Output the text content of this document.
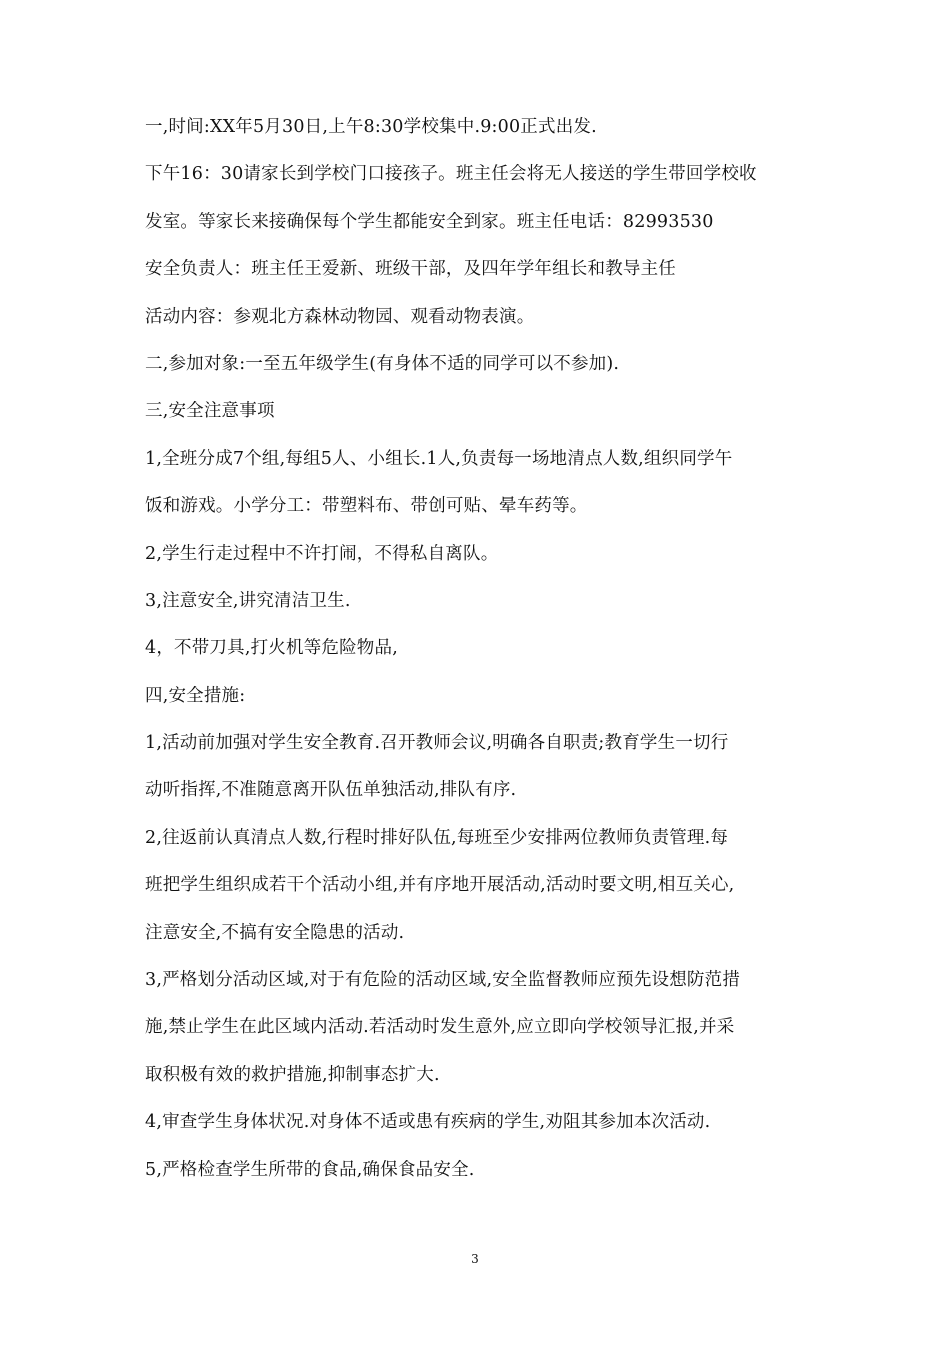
一,时间:XX年5月30日,上午8:30学校集中.9:00正式出发.
下午16：30请家长到学校门口接孩子。班主任会将无人接送的学生带回学校收
发室。等家长来接确保每个学生都能安全到家。班主任电话：82993530
安全负责人：班主任王爱新、班级干部，及四年学年组长和教导主任
活动内容：参观北方森林动物园、观看动物表演。
二,参加对象:一至五年级学生(有身体不适的同学可以不参加).
三,安全注意事项
1,全班分成7个组,每组5人、小组长.1人,负责每一场地清点人数,组织同学午
饭和游戏。小学分工：带塑料布、带创可贴、晕车药等。
2,学生行走过程中不许打闹，不得私自离队。
3,注意安全,讲究清洁卫生.
4，不带刀具,打火机等危险物品,
四,安全措施:
1,活动前加强对学生安全教育.召开教师会议,明确各自职责;教育学生一切行
动听指挥,不准随意离开队伍单独活动,排队有序.
2,往返前认真清点人数,行程时排好队伍,每班至少安排两位教师负责管理.每
班把学生组织成若干个活动小组,并有序地开展活动,活动时要文明,相互关心,
注意安全,不搞有安全隐患的活动.
3,严格划分活动区域,对于有危险的活动区域,安全监督教师应预先设想防范措
施,禁止学生在此区域内活动.若活动时发生意外,应立即向学校领导汇报,并采
取积极有效的救护措施,抑制事态扩大.
4,审查学生身体状况.对身体不适或患有疾病的学生,劝阻其参加本次活动.
5,严格检查学生所带的食品,确保食品安全.
3
